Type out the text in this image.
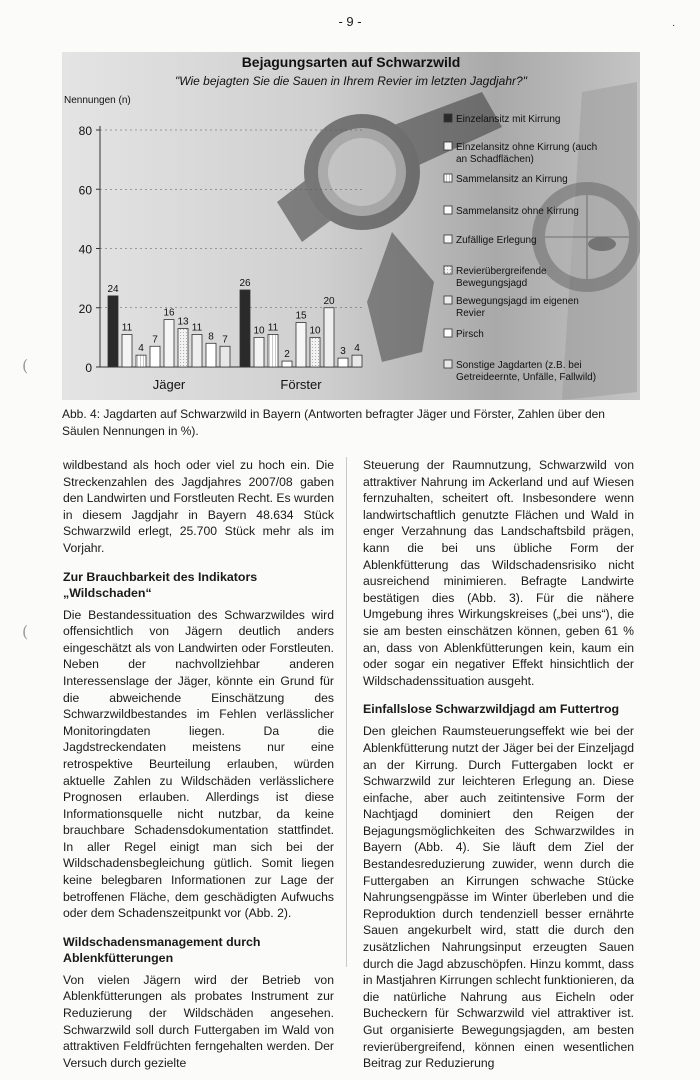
- 9 -	·
Bejagungsarten auf Schwarzwild
"Wie bejagten Sie die Sauen in Ihrem Revier im letzten Jagdjahr?"
Nennungen (n)
0
20
40
60
80
24
11
4
7
16
13
11
8 7
Jäger
26
10 11
2
15
10
20
3 4
Förster
Einzelansitz mit Kirrung
Einzelansitz ohne Kirrung (auch an Schadflächen)
Sammelansitz an Kirrung
Sammelansitz ohne Kirrung
Zufällige Erlegung
Revierübergreifende Bewegungsjagd
Bewegungsjagd im eigenen Revier
Pirsch
Sonstige Jagdarten (z.B. bei Getreideernte, Unfälle, Fallwild)
Abb. 4: Jagdarten auf Schwarzwild in Bayern (Antworten befragter Jäger und Förster, Zahlen über den Säulen Nennungen in %).

wildbestand als hoch oder viel zu hoch ein. Die Streckenzahlen des Jagdjahres 2007/08 gaben den Landwirten und Forstleuten Recht. Es wurden in diesem Jagdjahr in Bayern 48.634 Stück Schwarzwild erlegt, 25.700 Stück mehr als im Vorjahr.

Zur Brauchbarkeit des Indikators „Wildschaden“

Die Bestandessituation des Schwarzwildes wird offensichtlich von Jägern deutlich anders eingeschätzt als von Landwirten oder Forstleuten. Neben der nachvollziehbar anderen Interessenslage der Jäger, könnte ein Grund für die abweichende Einschätzung des Schwarzwildbestandes im Fehlen verlässlicher Monitoringdaten liegen. Da die Jagdstreckendaten meistens nur eine retrospektive Beurteilung erlauben, würden aktuelle Zahlen zu Wildschäden verlässlichere Prognosen erlauben. Allerdings ist diese Informationsquelle nicht nutzbar, da keine brauchbare Schadensdokumentation stattfindet. In aller Regel einigt man sich bei der Wildschadensbegleichung gütlich. Somit liegen keine belegbaren Informationen zur Lage der betroffenen Fläche, dem geschädigten Aufwuchs oder dem Schadenszeitpunkt vor (Abb. 2).

Wildschadensmanagement durch Ablenkfütterungen

Von vielen Jägern wird der Betrieb von Ablenkfütterungen als probates Instrument zur Reduzierung der Wildschäden angesehen. Schwarzwild soll durch Futtergaben im Wald von attraktiven Feldfrüchten ferngehalten werden. Der Versuch durch gezielte

Steuerung der Raumnutzung, Schwarzwild von attraktiver Nahrung im Ackerland und auf Wiesen fernzuhalten, scheitert oft. Insbesondere wenn landwirtschaftlich genutzte Flächen und Wald in enger Verzahnung das Landschaftsbild prägen, kann die bei uns übliche Form der Ablenkfütterung das Wildschadensrisiko nicht ausreichend minimieren. Befragte Landwirte bestätigen dies (Abb. 3). Für die nähere Umgebung ihres Wirkungskreises („bei uns“), die sie am besten einschätzen können, geben 61 % an, dass von Ablenkfütterungen kein, kaum ein oder sogar ein negativer Effekt hinsichtlich der Wildschadenssituation ausgeht.

Einfallslose Schwarzwildjagd am Futtertrog

Den gleichen Raumsteuerungseffekt wie bei der Ablenkfütterung nutzt der Jäger bei der Einzeljagd an der Kirrung. Durch Futtergaben lockt er Schwarzwild zur leichteren Erlegung an. Diese einfache, aber auch zeitintensive Form der Nachtjagd dominiert den Reigen der Bejagungsmöglichkeiten des Schwarzwildes in Bayern (Abb. 4). Sie läuft dem Ziel der Bestandesreduzierung zuwider, wenn durch die Futtergaben an Kirrungen schwache Stücke Nahrungsengpässe im Winter überleben und die Reproduktion durch tendenziell besser ernährte Sauen angekurbelt wird, statt die durch den zusätzlichen Nahrungsinput erzeugten Sauen durch die Jagd abzuschöpfen. Hinzu kommt, dass in Mastjahren Kirrungen schlecht funktionieren, da die natürliche Nahrung aus Eicheln oder Bucheckern für Schwarzwild viel attraktiver ist. Gut organisierte Bewegungsjagden, am besten revierübergreifend, können einen wesentlichen Beitrag zur Reduzierung

(
(
